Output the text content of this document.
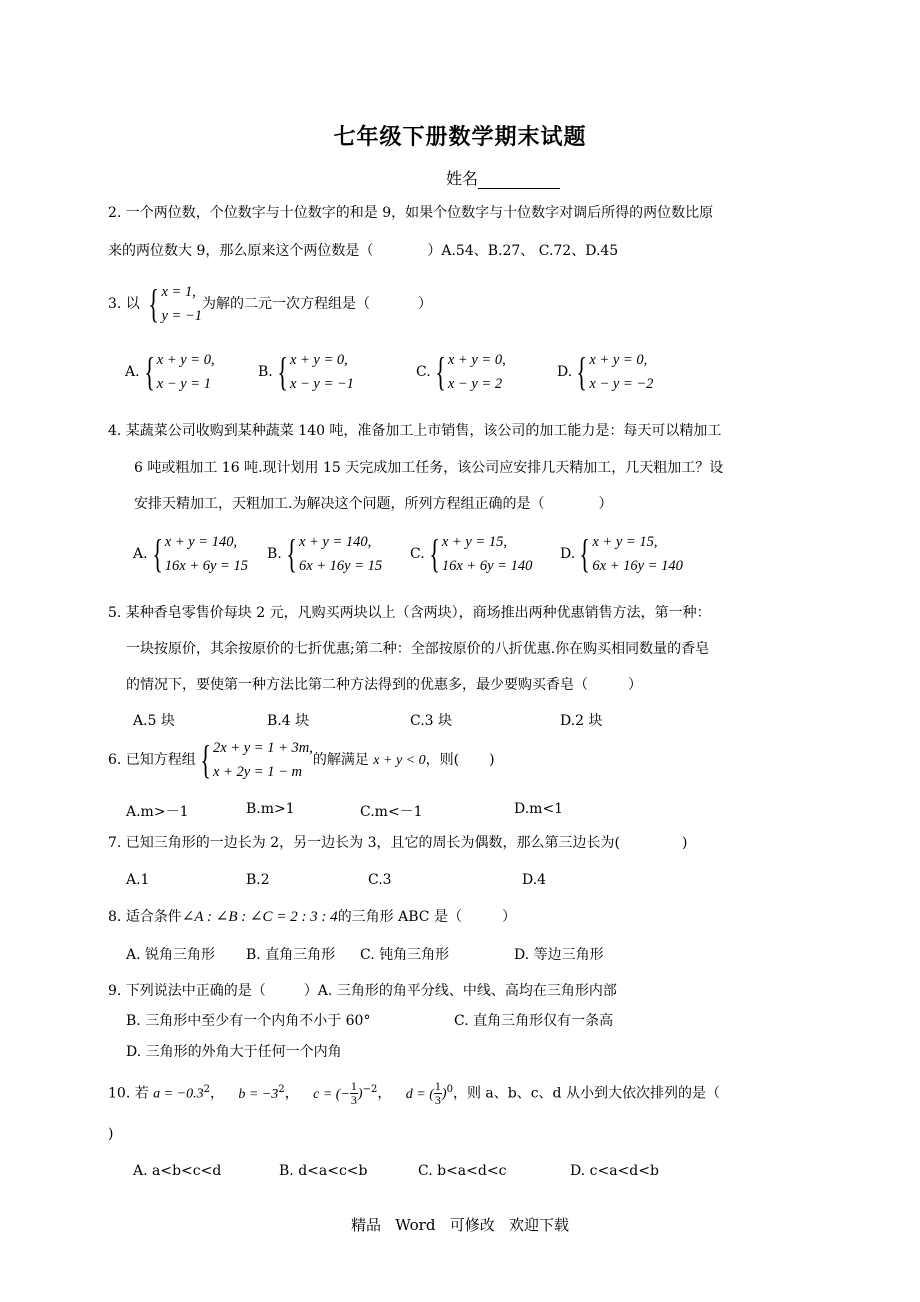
七年级下册数学期末试题
姓名
2. 一个两位数，个位数字与十位数字的和是 9，如果个位数字与十位数字对调后所得的两位数比原
来的两位数大 9，那么原来这个两位数是（	）A.54、B.27、 C.72、D.45
3. 以 { x = 1,
y = −1
为解的二元一次方程组是（	）
A. { x + y = 0,
x − y = 1
B. { x + y = 0,
x − y = −1
C. { x + y = 0,
x − y = 2
D. { x + y = 0,
x − y = −2
4. 某蔬菜公司收购到某种蔬菜 140 吨，准备加工上市销售，该公司的加工能力是：每天可以精加工
6 吨或粗加工 16 吨.现计划用 15 天完成加工任务，该公司应安排几天精加工，几天粗加工？设
安排天精加工，天粗加工.为解决这个问题，所列方程组正确的是（	）
A. { x + y = 140,
16x + 6y = 15
B. { x + y = 140,
6x + 16y = 15
C. { x + y = 15,
16x + 6y = 140
D. { x + y = 15,
6x + 16y = 140
5. 某种香皂零售价每块 2 元，凡购买两块以上（含两块），商场推出两种优惠销售方法，第一种：
一块按原价，其余按原价的七折优惠;第二种：全部按原价的八折优惠.你在购买相同数量的香皂
的情况下，要使第一种方法比第二种方法得到的优惠多，最少要购买香皂（	）
A.5 块	B.4 块	C.3 块	D.2 块
6. 已知方程组 { 2x + y = 1 + 3m,
x + 2y = 1 − m
的解满足 x + y < 0，则( )
A.m>－1	B.m>1	C.m<－1	D.m<1
7. 已知三角形的一边长为 2，另一边长为 3，且它的周长为偶数，那么第三边长为(	)
A.1	B.2	C.3	D.4
8. 适合条件∠A : ∠B : ∠C = 2 : 3 : 4的三角形 ABC 是（	）
A. 锐角三角形 B. 直角三角形 C. 钝角三角形	D. 等边三角形
9. 下列说法中正确的是（	）A. 三角形的角平分线、中线、高均在三角形内部
B. 三角形中至少有一个内角不小于 60°	C. 直角三角形仅有一条高
D. 三角形的外角大于任何一个内角
10. 若 $a = -0.3^2$， $b = -3^2$， c = (− $\frac{1}{3} )^{-2}$， d = ( $\frac{1}{3} )^0$，则 a、b、c、d 从小到大依次排列的是（
)
A. a<b<c<d	B. d<a<c<b	C. b<a<d<c	D. c<a<d<b
精品   Word   可修改   欢迎下载
